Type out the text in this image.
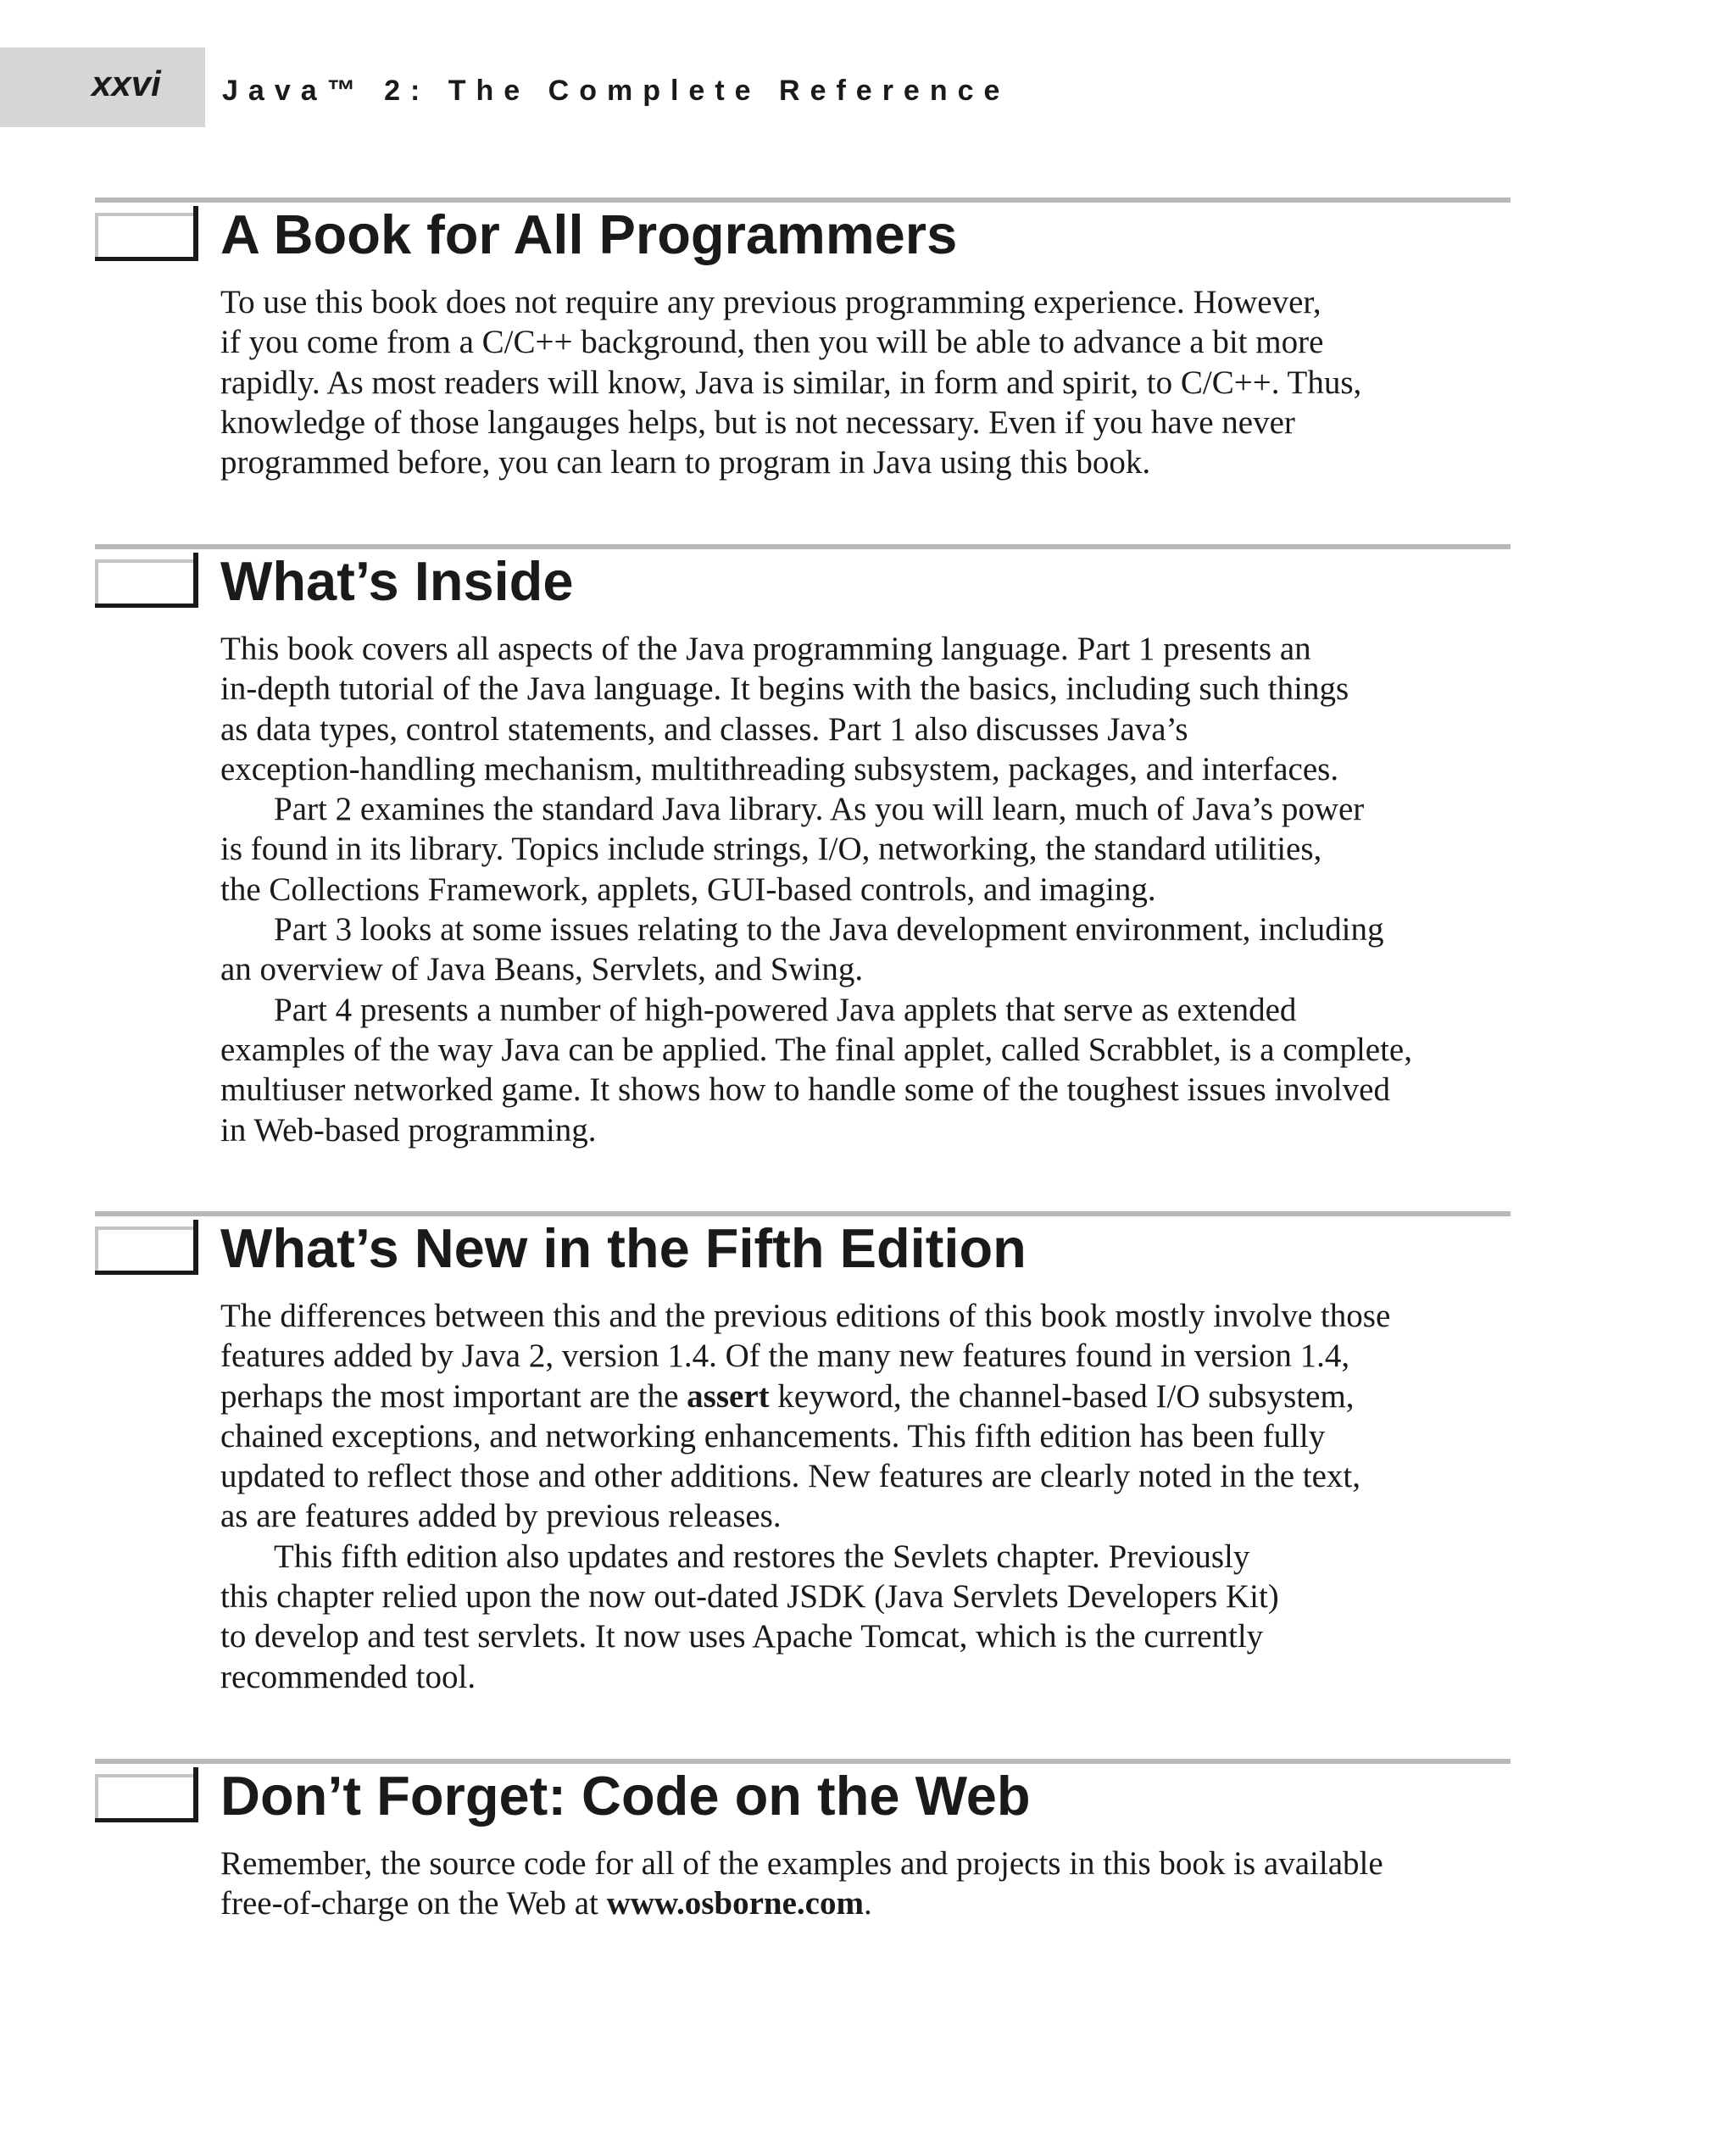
xxvi Java™ 2: The Complete Reference
A Book for All Programmers
To use this book does not require any previous programming experience. However,
if you come from a C/C++ background, then you will be able to advance a bit more
rapidly. As most readers will know, Java is similar, in form and spirit, to C/C++. Thus,
knowledge of those langauges helps, but is not necessary. Even if you have never
programmed before, you can learn to program in Java using this book.
What’s Inside
This book covers all aspects of the Java programming language. Part 1 presents an
in-depth tutorial of the Java language. It begins with the basics, including such things
as data types, control statements, and classes. Part 1 also discusses Java’s
exception-handling mechanism, multithreading subsystem, packages, and interfaces.
Part 2 examines the standard Java library. As you will learn, much of Java’s power
is found in its library. Topics include strings, I/O, networking, the standard utilities,
the Collections Framework, applets, GUI-based controls, and imaging.
Part 3 looks at some issues relating to the Java development environment, including
an overview of Java Beans, Servlets, and Swing.
Part 4 presents a number of high-powered Java applets that serve as extended
examples of the way Java can be applied. The final applet, called Scrabblet, is a complete,
multiuser networked game. It shows how to handle some of the toughest issues involved
in Web-based programming.
What’s New in the Fifth Edition
The differences between this and the previous editions of this book mostly involve those
features added by Java 2, version 1.4. Of the many new features found in version 1.4,
perhaps the most important are the assert keyword, the channel-based I/O subsystem,
chained exceptions, and networking enhancements. This fifth edition has been fully
updated to reflect those and other additions. New features are clearly noted in the text,
as are features added by previous releases.
This fifth edition also updates and restores the Sevlets chapter. Previously
this chapter relied upon the now out-dated JSDK (Java Servlets Developers Kit)
to develop and test servlets. It now uses Apache Tomcat, which is the currently
recommended tool.
Don’t Forget: Code on the Web
Remember, the source code for all of the examples and projects in this book is available
free-of-charge on the Web at www.osborne.com.
